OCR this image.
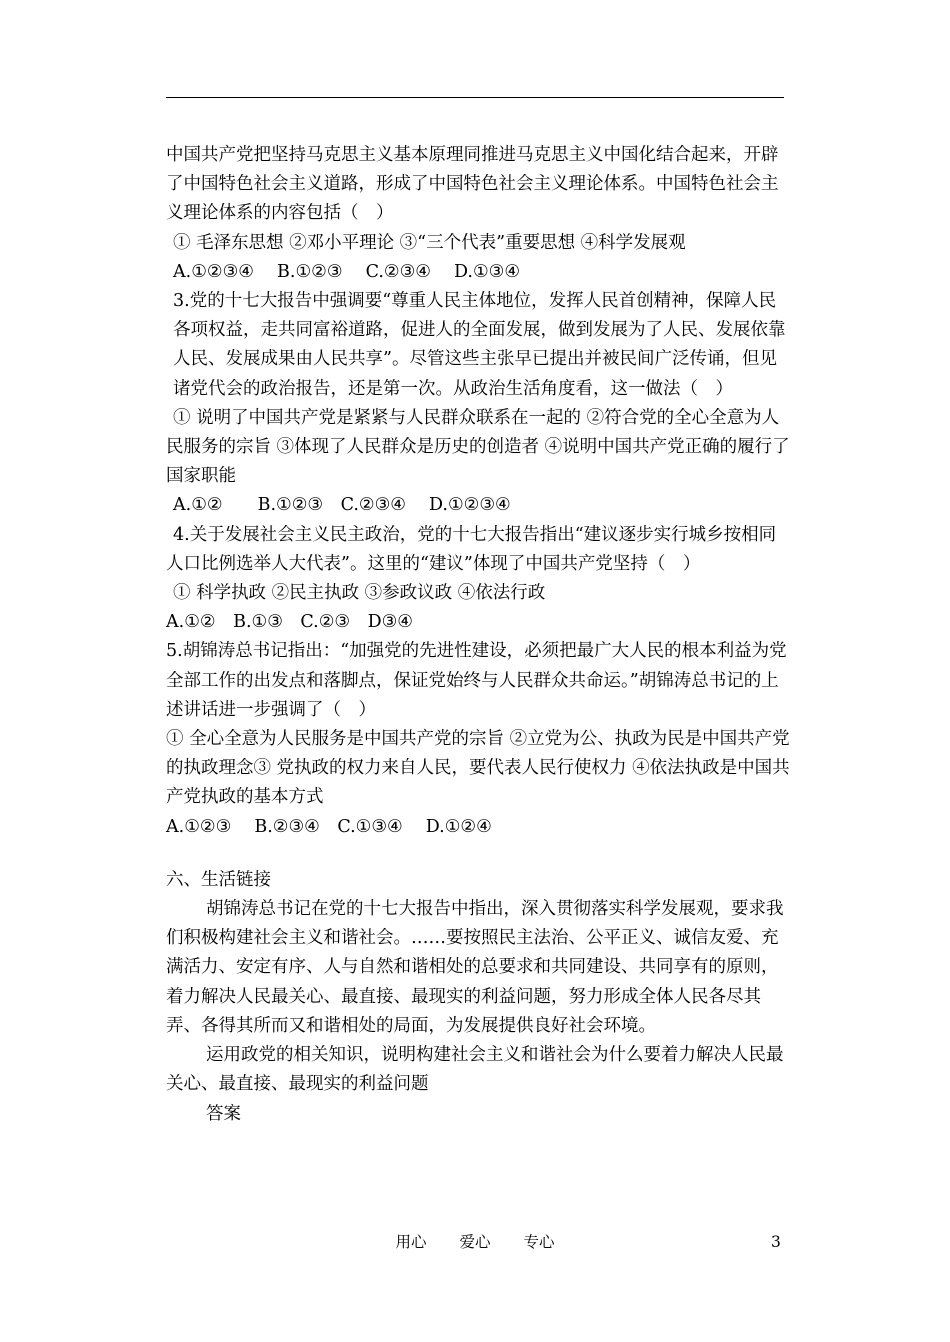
中国共产党把坚持马克思主义基本原理同推进马克思主义中国化结合起来，开辟了中国特色社会主义道路，形成了中国特色社会主义理论体系。中国特色社会主义理论体系的内容包括（　）

① 毛泽东思想 ②邓小平理论 ③“三个代表”重要思想 ④科学发展观

A.①②③④　 B.①②③　 C.②③④　 D.①③④

3.党的十七大报告中强调要“尊重人民主体地位，发挥人民首创精神，保障人民各项权益，走共同富裕道路，促进人的全面发展，做到发展为了人民、发展依靠人民、发展成果由人民共享”。尽管这些主张早已提出并被民间广泛传诵，但见诸党代会的政治报告，还是第一次。从政治生活角度看，这一做法（　）

① 说明了中国共产党是紧紧与人民群众联系在一起的 ②符合党的全心全意为人民服务的宗旨 ③体现了人民群众是历史的创造者 ④说明中国共产党正确的履行了国家职能

A.①②　　B.①②③　C.②③④　 D.①②③④

4.关于发展社会主义民主政治，党的十七大报告指出“建议逐步实行城乡按相同人口比例选举人大代表”。这里的“建议”体现了中国共产党坚持（　）

① 科学执政 ②民主执政 ③参政议政 ④依法行政

A.①②　B.①③　C.②③　D③④

5.胡锦涛总书记指出：“加强党的先进性建设，必须把最广大人民的根本利益为党全部工作的出发点和落脚点，保证党始终与人民群众共命运。”胡锦涛总书记的上述讲话进一步强调了（　）

① 全心全意为人民服务是中国共产党的宗旨 ②立党为公、执政为民是中国共产党的执政理念③ 党执政的权力来自人民，要代表人民行使权力 ④依法执政是中国共产党执政的基本方式

A.①②③　 B.②③④　C.①③④　 D.①②④

六、生活链接

胡锦涛总书记在党的十七大报告中指出，深入贯彻落实科学发展观，要求我们积极构建社会主义和谐社会。……要按照民主法治、公平正义、诚信友爱、充满活力、安定有序、人与自然和谐相处的总要求和共同建设、共同享有的原则，着力解决人民最关心、最直接、最现实的利益问题，努力形成全体人民各尽其弄、各得其所而又和谐相处的局面，为发展提供良好社会环境。

运用政党的相关知识，说明构建社会主义和谐社会为什么要着力解决人民最关心、最直接、最现实的利益问题

答案

用心 爱心 专心	3
